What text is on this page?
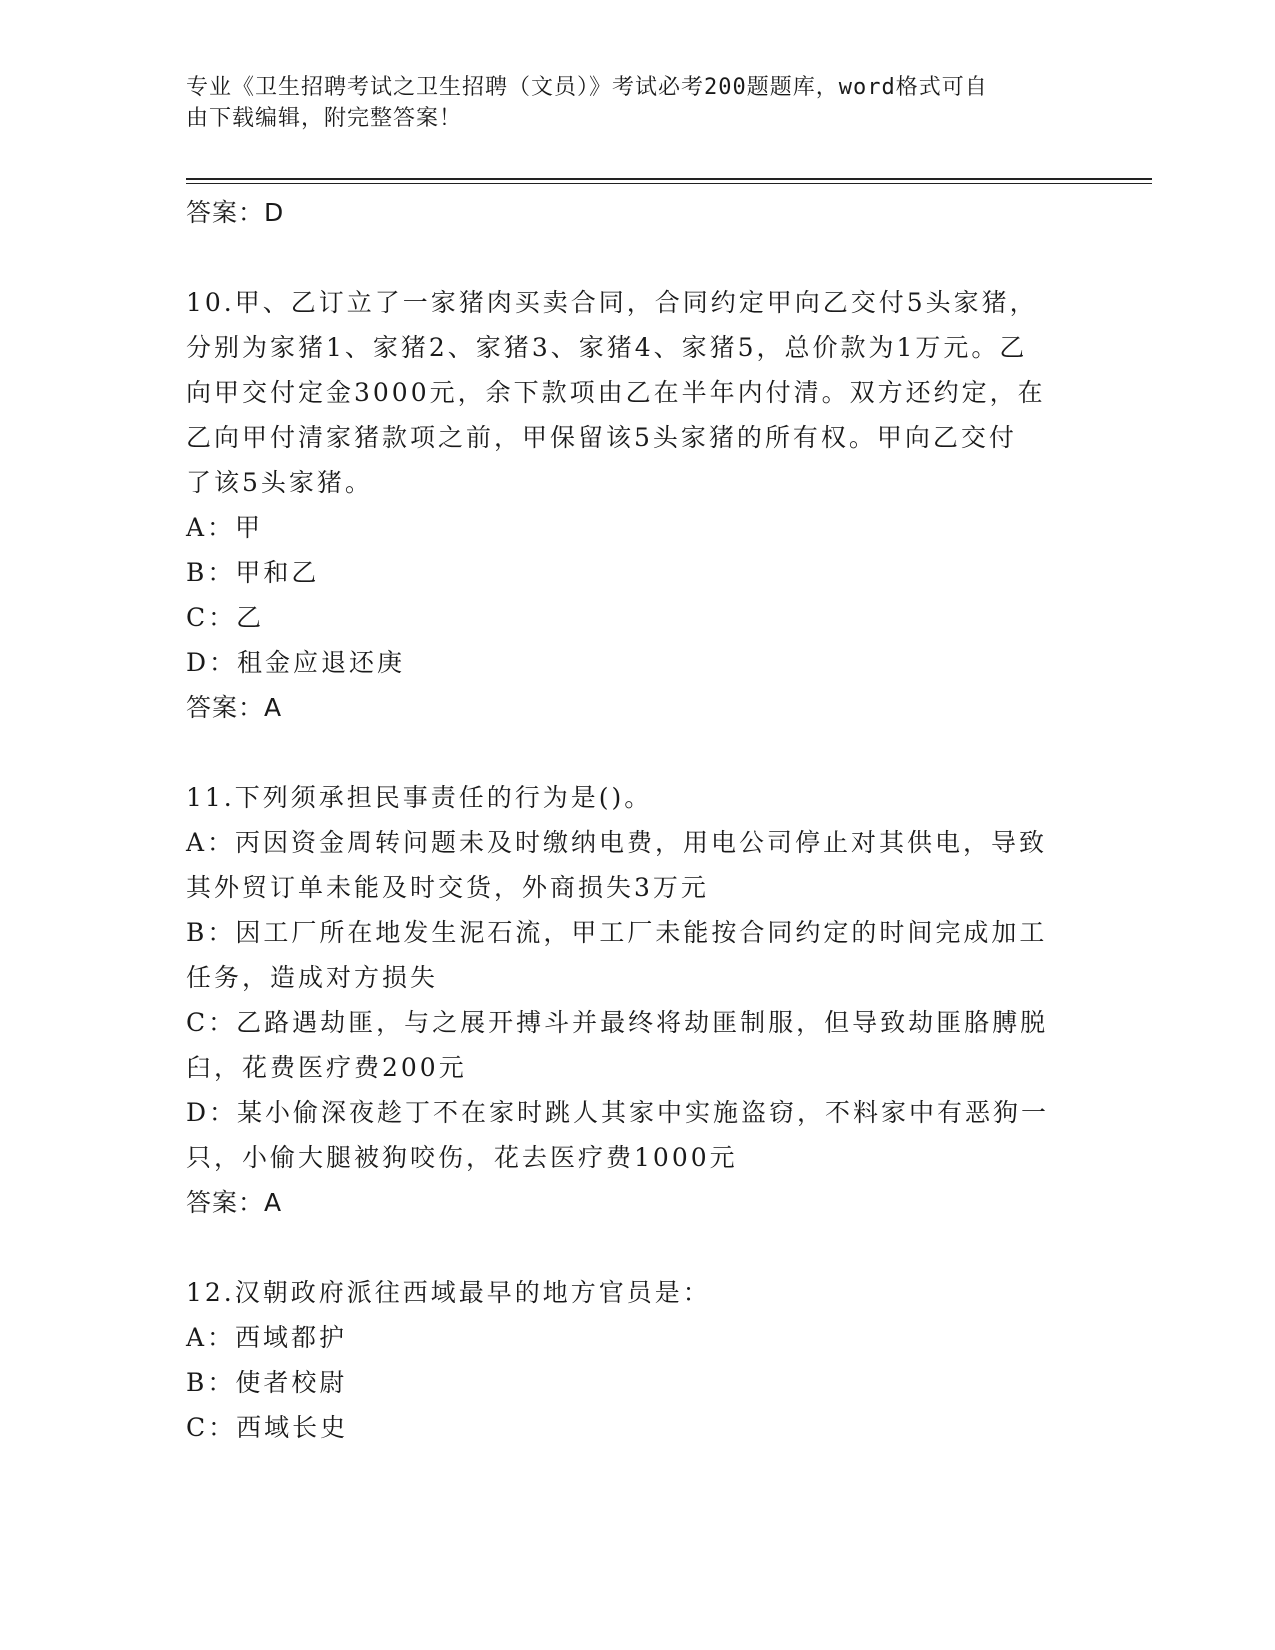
专业《卫生招聘考试之卫生招聘（文员）》考试必考200题题库，word格式可自
由下载编辑，附完整答案！
答案：D
10.甲、乙订立了一家猪肉买卖合同，合同约定甲向乙交付5头家猪，
分别为家猪1、家猪2、家猪3、家猪4、家猪5，总价款为1万元。乙
向甲交付定金3000元，余下款项由乙在半年内付清。双方还约定，在
乙向甲付清家猪款项之前，甲保留该5头家猪的所有权。甲向乙交付
了该5头家猪。
A：甲
B：甲和乙
C：乙
D：租金应退还庚
答案：A
11.下列须承担民事责任的行为是()。
A：丙因资金周转问题未及时缴纳电费，用电公司停止对其供电，导致
其外贸订单未能及时交货，外商损失3万元
B：因工厂所在地发生泥石流，甲工厂未能按合同约定的时间完成加工
任务，造成对方损失
C：乙路遇劫匪，与之展开搏斗并最终将劫匪制服，但导致劫匪胳膊脱
臼，花费医疗费200元
D：某小偷深夜趁丁不在家时跳人其家中实施盗窃，不料家中有恶狗一
只，小偷大腿被狗咬伤，花去医疗费1000元
答案：A
12.汉朝政府派往西域最早的地方官员是：
A：西域都护
B：使者校尉
C：西域长史
